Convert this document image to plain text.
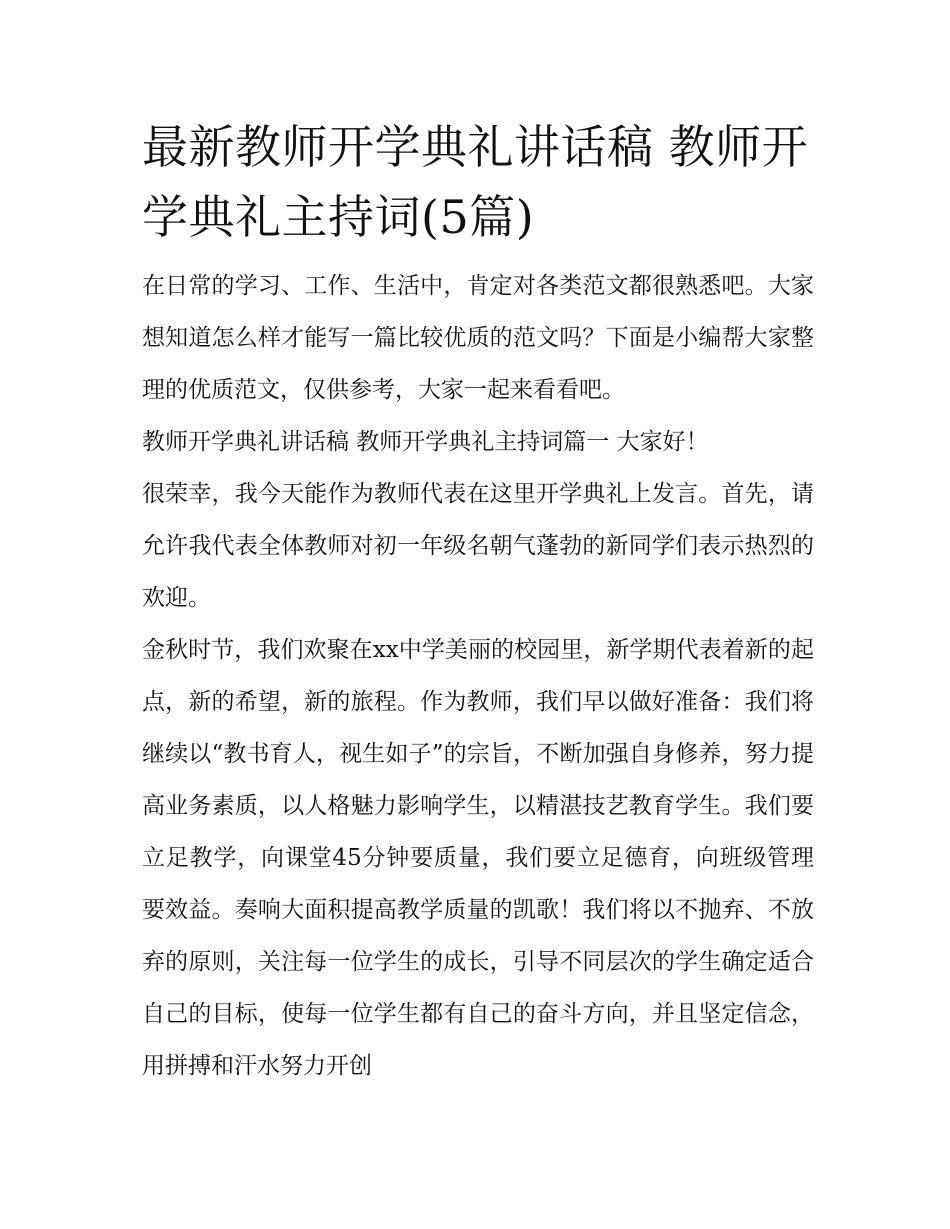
最新教师开学典礼讲话稿 教师开学典礼主持词(5篇)

在日常的学习、工作、生活中，肯定对各类范文都很熟悉吧。大家想知道怎么样才能写一篇比较优质的范文吗？下面是小编帮大家整理的优质范文，仅供参考，大家一起来看看吧。

教师开学典礼讲话稿 教师开学典礼主持词篇一 大家好！

很荣幸，我今天能作为教师代表在这里开学典礼上发言。首先，请允许我代表全体教师对初一年级名朝气蓬勃的新同学们表示热烈的欢迎。

金秋时节，我们欢聚在xx中学美丽的校园里，新学期代表着新的起点，新的希望，新的旅程。作为教师，我们早以做好准备：我们将继续以“教书育人，视生如子”的宗旨，不断加强自身修养，努力提高业务素质，以人格魅力影响学生，以精湛技艺教育学生。我们要立足教学，向课堂45分钟要质量，我们要立足德育，向班级管理要效益。奏响大面积提高教学质量的凯歌！我们将以不抛弃、不放弃的原则，关注每一位学生的成长，引导不同层次的学生确定适合自己的目标，使每一位学生都有自己的奋斗方向，并且坚定信念，用拼搏和汗水努力开创
